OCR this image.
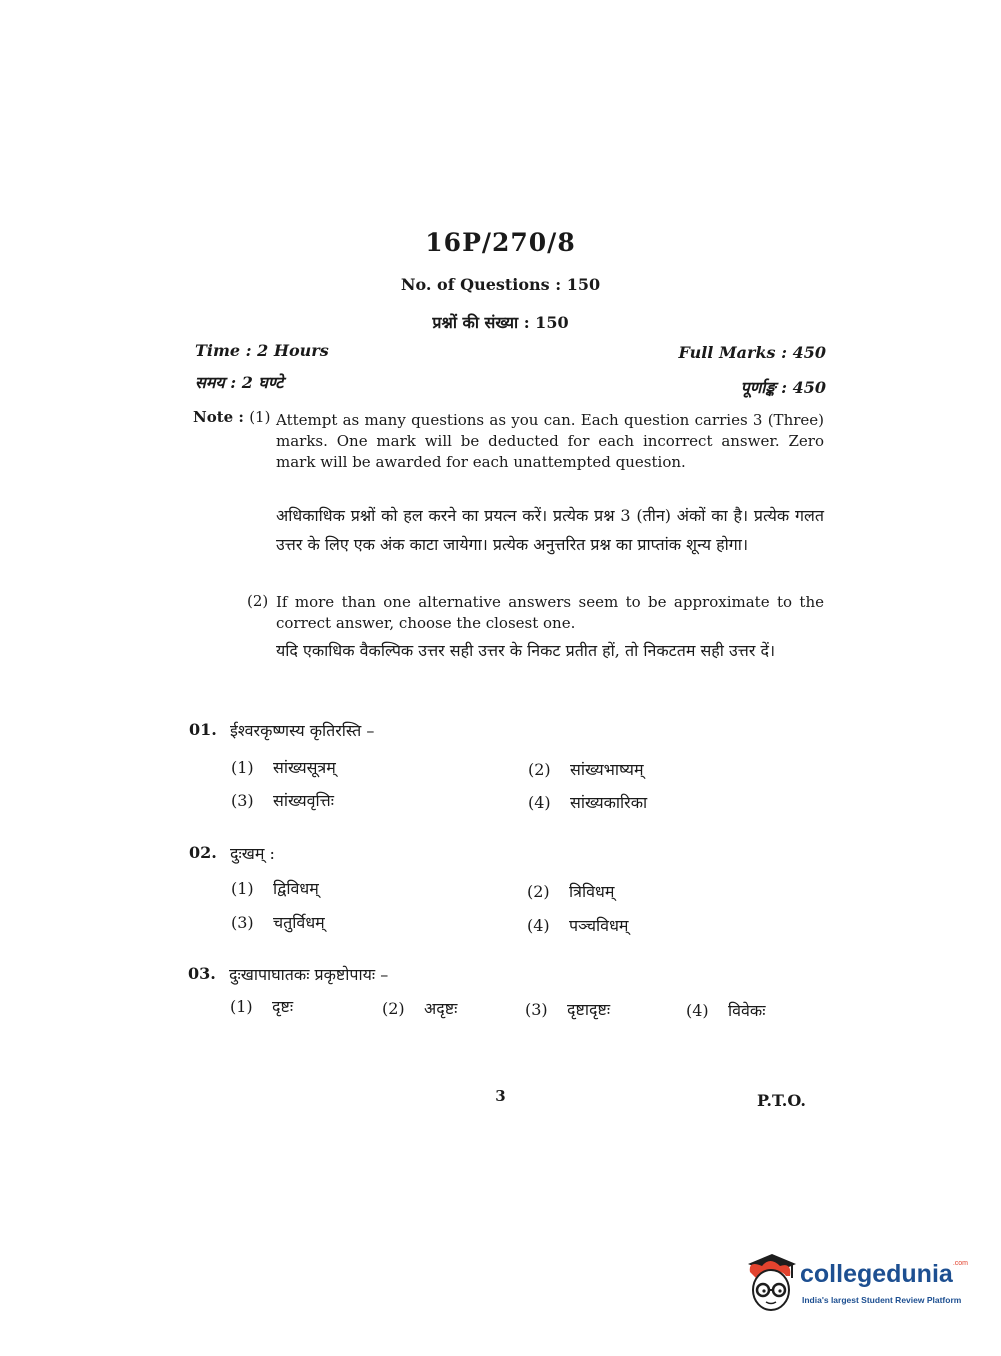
16P/270/8
No. of Questions : 150
प्रश्नों की संख्या : 150
Time : 2 Hours
समय : 2 घण्टे
Full Marks : 450
पूर्णाङ्क : 450
Note : (1) Attempt as many questions as you can. Each question carries 3 (Three) marks. One mark will be deducted for each incorrect answer. Zero mark will be awarded for each unattempted question.
अधिकाधिक प्रश्नों को हल करने का प्रयत्न करें। प्रत्येक प्रश्न 3 (तीन) अंकों का है। प्रत्येक गलत उत्तर के लिए एक अंक काटा जायेगा। प्रत्येक अनुत्तरित प्रश्न का प्राप्तांक शून्य होगा।
(2) If more than one alternative answers seem to be approximate to the correct answer, choose the closest one.
यदि एकाधिक वैकल्पिक उत्तर सही उत्तर के निकट प्रतीत हों, तो निकटतम सही उत्तर दें।
01. ईश्वरकृष्णस्य कृतिरस्ति –
(1) सांख्यसूत्रम्	(2) सांख्यभाष्यम्
(3) सांख्यवृत्तिः	(4) सांख्यकारिका
02. दुःखम् :
(1) द्विविधम्	(2) त्रिविधम्
(3) चतुर्विधम्	(4) पञ्चविधम्
03. दुःखापाघातकः प्रकृष्टोपायः –
(1) दृष्टः	(2) अदृष्टः	(3) दृष्टादृष्टः	(4) विवेकः
3	P.T.O.
collegedunia$^{.com}$
India's largest Student Review Platform
